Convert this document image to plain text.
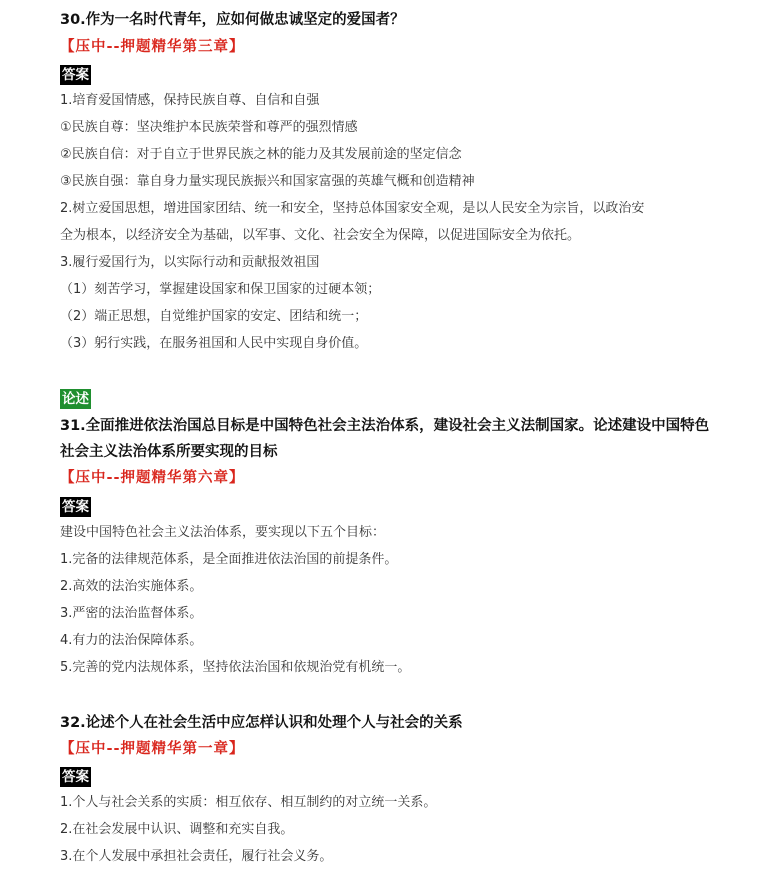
30.作为一名时代青年，应如何做忠诚坚定的爱国者？
【压中--押题精华第三章】
答案
1.培育爱国情感，保持民族自尊、自信和自强
①民族自尊：坚决维护本民族荣誉和尊严的强烈情感
②民族自信：对于自立于世界民族之林的能力及其发展前途的坚定信念
③民族自强：靠自身力量实现民族振兴和国家富强的英雄气概和创造精神
2.树立爱国思想，增进国家团结、统一和安全，坚持总体国家安全观，是以人民安全为宗旨，以政治安
全为根本，以经济安全为基础，以军事、文化、社会安全为保障，以促进国际安全为依托。
3.履行爱国行为，以实际行动和贡献报效祖国
（1）刻苦学习，掌握建设国家和保卫国家的过硬本领；
（2）端正思想，自觉维护国家的安定、团结和统一；
（3）躬行实践，在服务祖国和人民中实现自身价值。
论述
31.全面推进依法治国总目标是中国特色社会主法治体系，建设社会主义法制国家。论述建设中国特色社会主义法治体系所要实现的目标
【压中--押题精华第六章】
答案
建设中国特色社会主义法治体系，要实现以下五个目标：
1.完备的法律规范体系，是全面推进依法治国的前提条件。
2.高效的法治实施体系。
3.严密的法治监督体系。
4.有力的法治保障体系。
5.完善的党内法规体系，坚持依法治国和依规治党有机统一。
32.论述个人在社会生活中应怎样认识和处理个人与社会的关系
【压中--押题精华第一章】
答案
1.个人与社会关系的实质：相互依存、相互制约的对立统一关系。
2.在社会发展中认识、调整和充实自我。
3.在个人发展中承担社会责任，履行社会义务。
